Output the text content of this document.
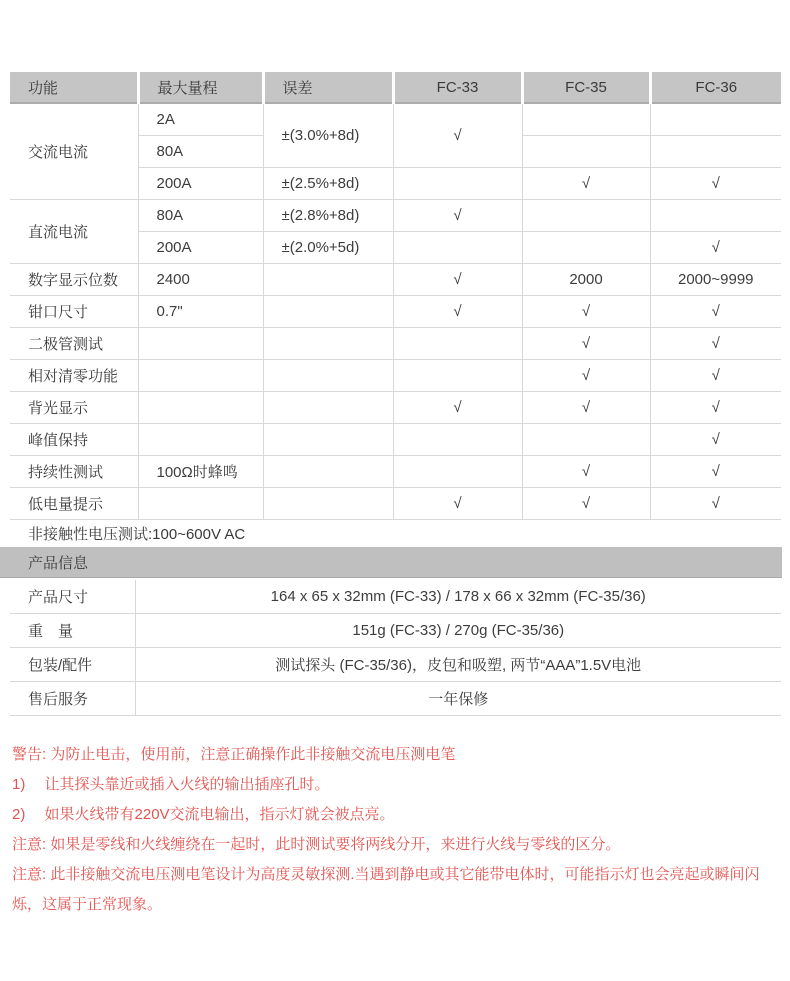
功能	最大量程	误差	FC-33	FC-35	FC-36
交流电流	2A	±(3.0%+8d)	√		
	80A				
	200A	±(2.5%+8d)		√	√
直流电流	80A	±(2.8%+8d)	√		
	200A	±(2.0%+5d)			√
数字显示位数	2400		√	2000	2000~9999
钳口尺寸	0.7"		√	√	√
二极管测试				√	√
相对清零功能				√	√
背光显示			√	√	√
峰值保持					√
持续性测试	100Ω时蜂鸣			√	√
低电量提示			√	√	√
非接触性电压测试:100~600V AC					
产品信息
产品尺寸	164 x 65 x 32mm (FC-33) / 178 x 66 x 32mm (FC-35/36)
重　量	151g (FC-33) / 270g (FC-35/36)
包装/配件	测试探头 (FC-35/36)，皮包和吸塑, 两节“AAA”1.5V电池
售后服务	一年保修

警告: 为防止电击，使用前，注意正确操作此非接触交流电压测电笔

1)　 让其探头靠近或插入火线的输出插座孔时。

2)　 如果火线带有220V交流电输出，指示灯就会被点亮。

注意: 如果是零线和火线缠绕在一起时，此时测试要将两线分开，来进行火线与零线的区分。

注意: 此非接触交流电压测电笔设计为高度灵敏探测.当遇到静电或其它能带电体时，可能指示灯也会亮起或瞬间闪烁，这属于正常现象。
